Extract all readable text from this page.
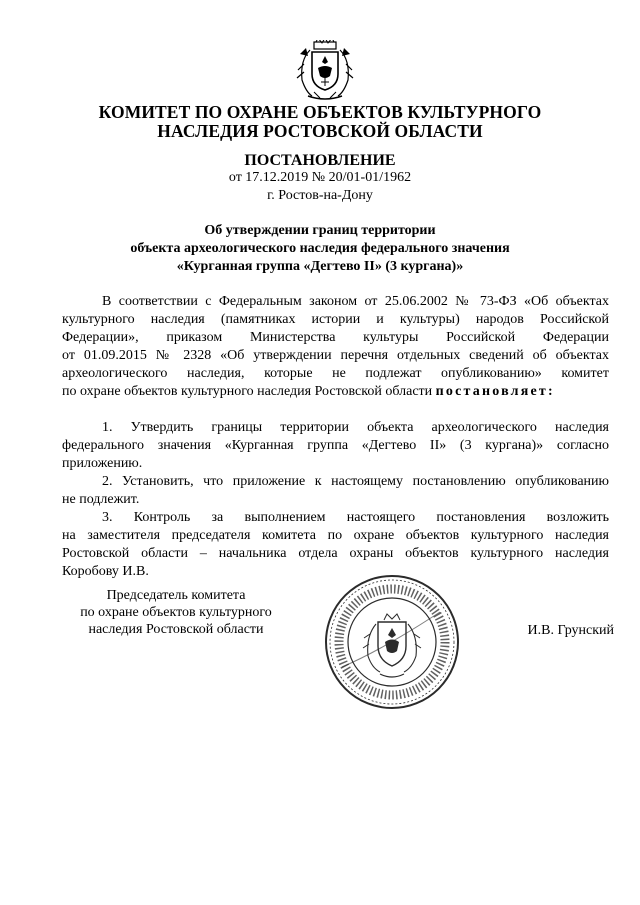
КОМИТЕТ ПО ОХРАНЕ ОБЪЕКТОВ КУЛЬТУРНОГО
НАСЛЕДИЯ РОСТОВСКОЙ ОБЛАСТИ
ПОСТАНОВЛЕНИЕ
от 17.12.2019 № 20/01-01/1962
г. Ростов-на-Дону
Об утверждении границ территории
объекта археологического наследия федерального значения
«Курганная группа «Дегтево II» (3 кургана)»
В соответствии с Федеральным законом от 25.06.2002 № 73-ФЗ «Об объектах
культурного наследия (памятниках истории и культуры) народов Российской
Федерации», приказом Министерства культуры Российской Федерации
от 01.09.2015 № 2328 «Об утверждении перечня отдельных сведений об объектах
археологического наследия, которые не подлежат опубликованию» комитет
по охране объектов культурного наследия Ростовской области постановляет:
1. Утвердить границы территории объекта археологического наследия
федерального значения «Курганная группа «Дегтево II» (3 кургана)» согласно
приложению.
2. Установить, что приложение к настоящему постановлению опубликованию
не подлежит.
3. Контроль за выполнением настоящего постановления возложить
на заместителя председателя комитета по охране объектов культурного наследия
Ростовской области – начальника отдела охраны объектов культурного наследия
Коробову И.В.
Председатель комитета
по охране объектов культурного
наследия Ростовской области	И.В. Грунский
